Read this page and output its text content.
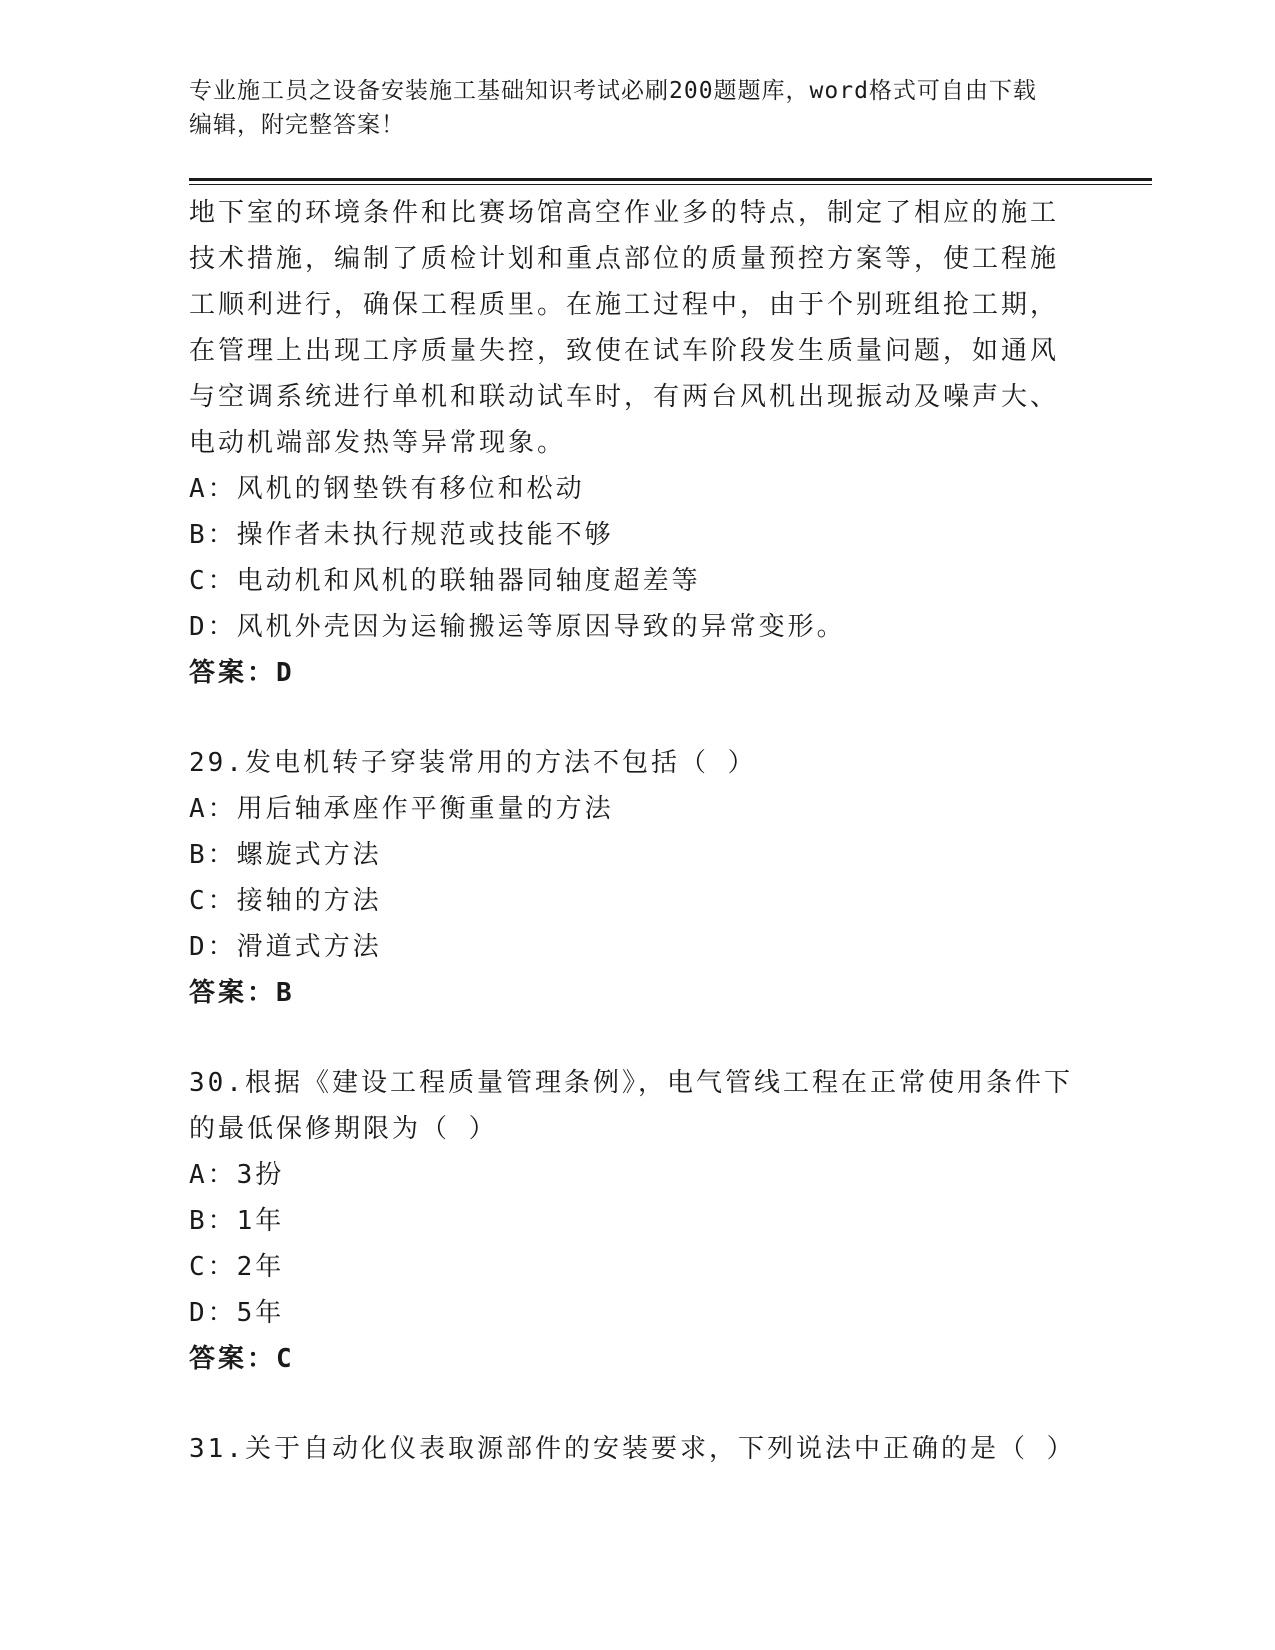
专业施工员之设备安装施工基础知识考试必刷200题题库，word格式可自由下载
编辑，附完整答案！
地下室的环境条件和比赛场馆高空作业多的特点，制定了相应的施工
技术措施，编制了质检计划和重点部位的质量预控方案等，使工程施
工顺利进行，确保工程质里。在施工过程中，由于个别班组抢工期，
在管理上出现工序质量失控，致使在试车阶段发生质量问题，如通风
与空调系统进行单机和联动试车时，有两台风机出现振动及噪声大、
电动机端部发热等异常现象。
A：风机的钢垫铁有移位和松动
B：操作者未执行规范或技能不够
C：电动机和风机的联轴器同轴度超差等
D：风机外壳因为运输搬运等原因导致的异常变形。
答案：D
29.发电机转子穿装常用的方法不包括（ ）
A：用后轴承座作平衡重量的方法
B：螺旋式方法
C：接轴的方法
D：滑道式方法
答案：B
30.根据《建设工程质量管理条例》，电气管线工程在正常使用条件下
的最低保修期限为（ ）
A：3扮
B：1年
C：2年
D：5年
答案：C
31.关于自动化仪表取源部件的安装要求，下列说法中正确的是（ ）
